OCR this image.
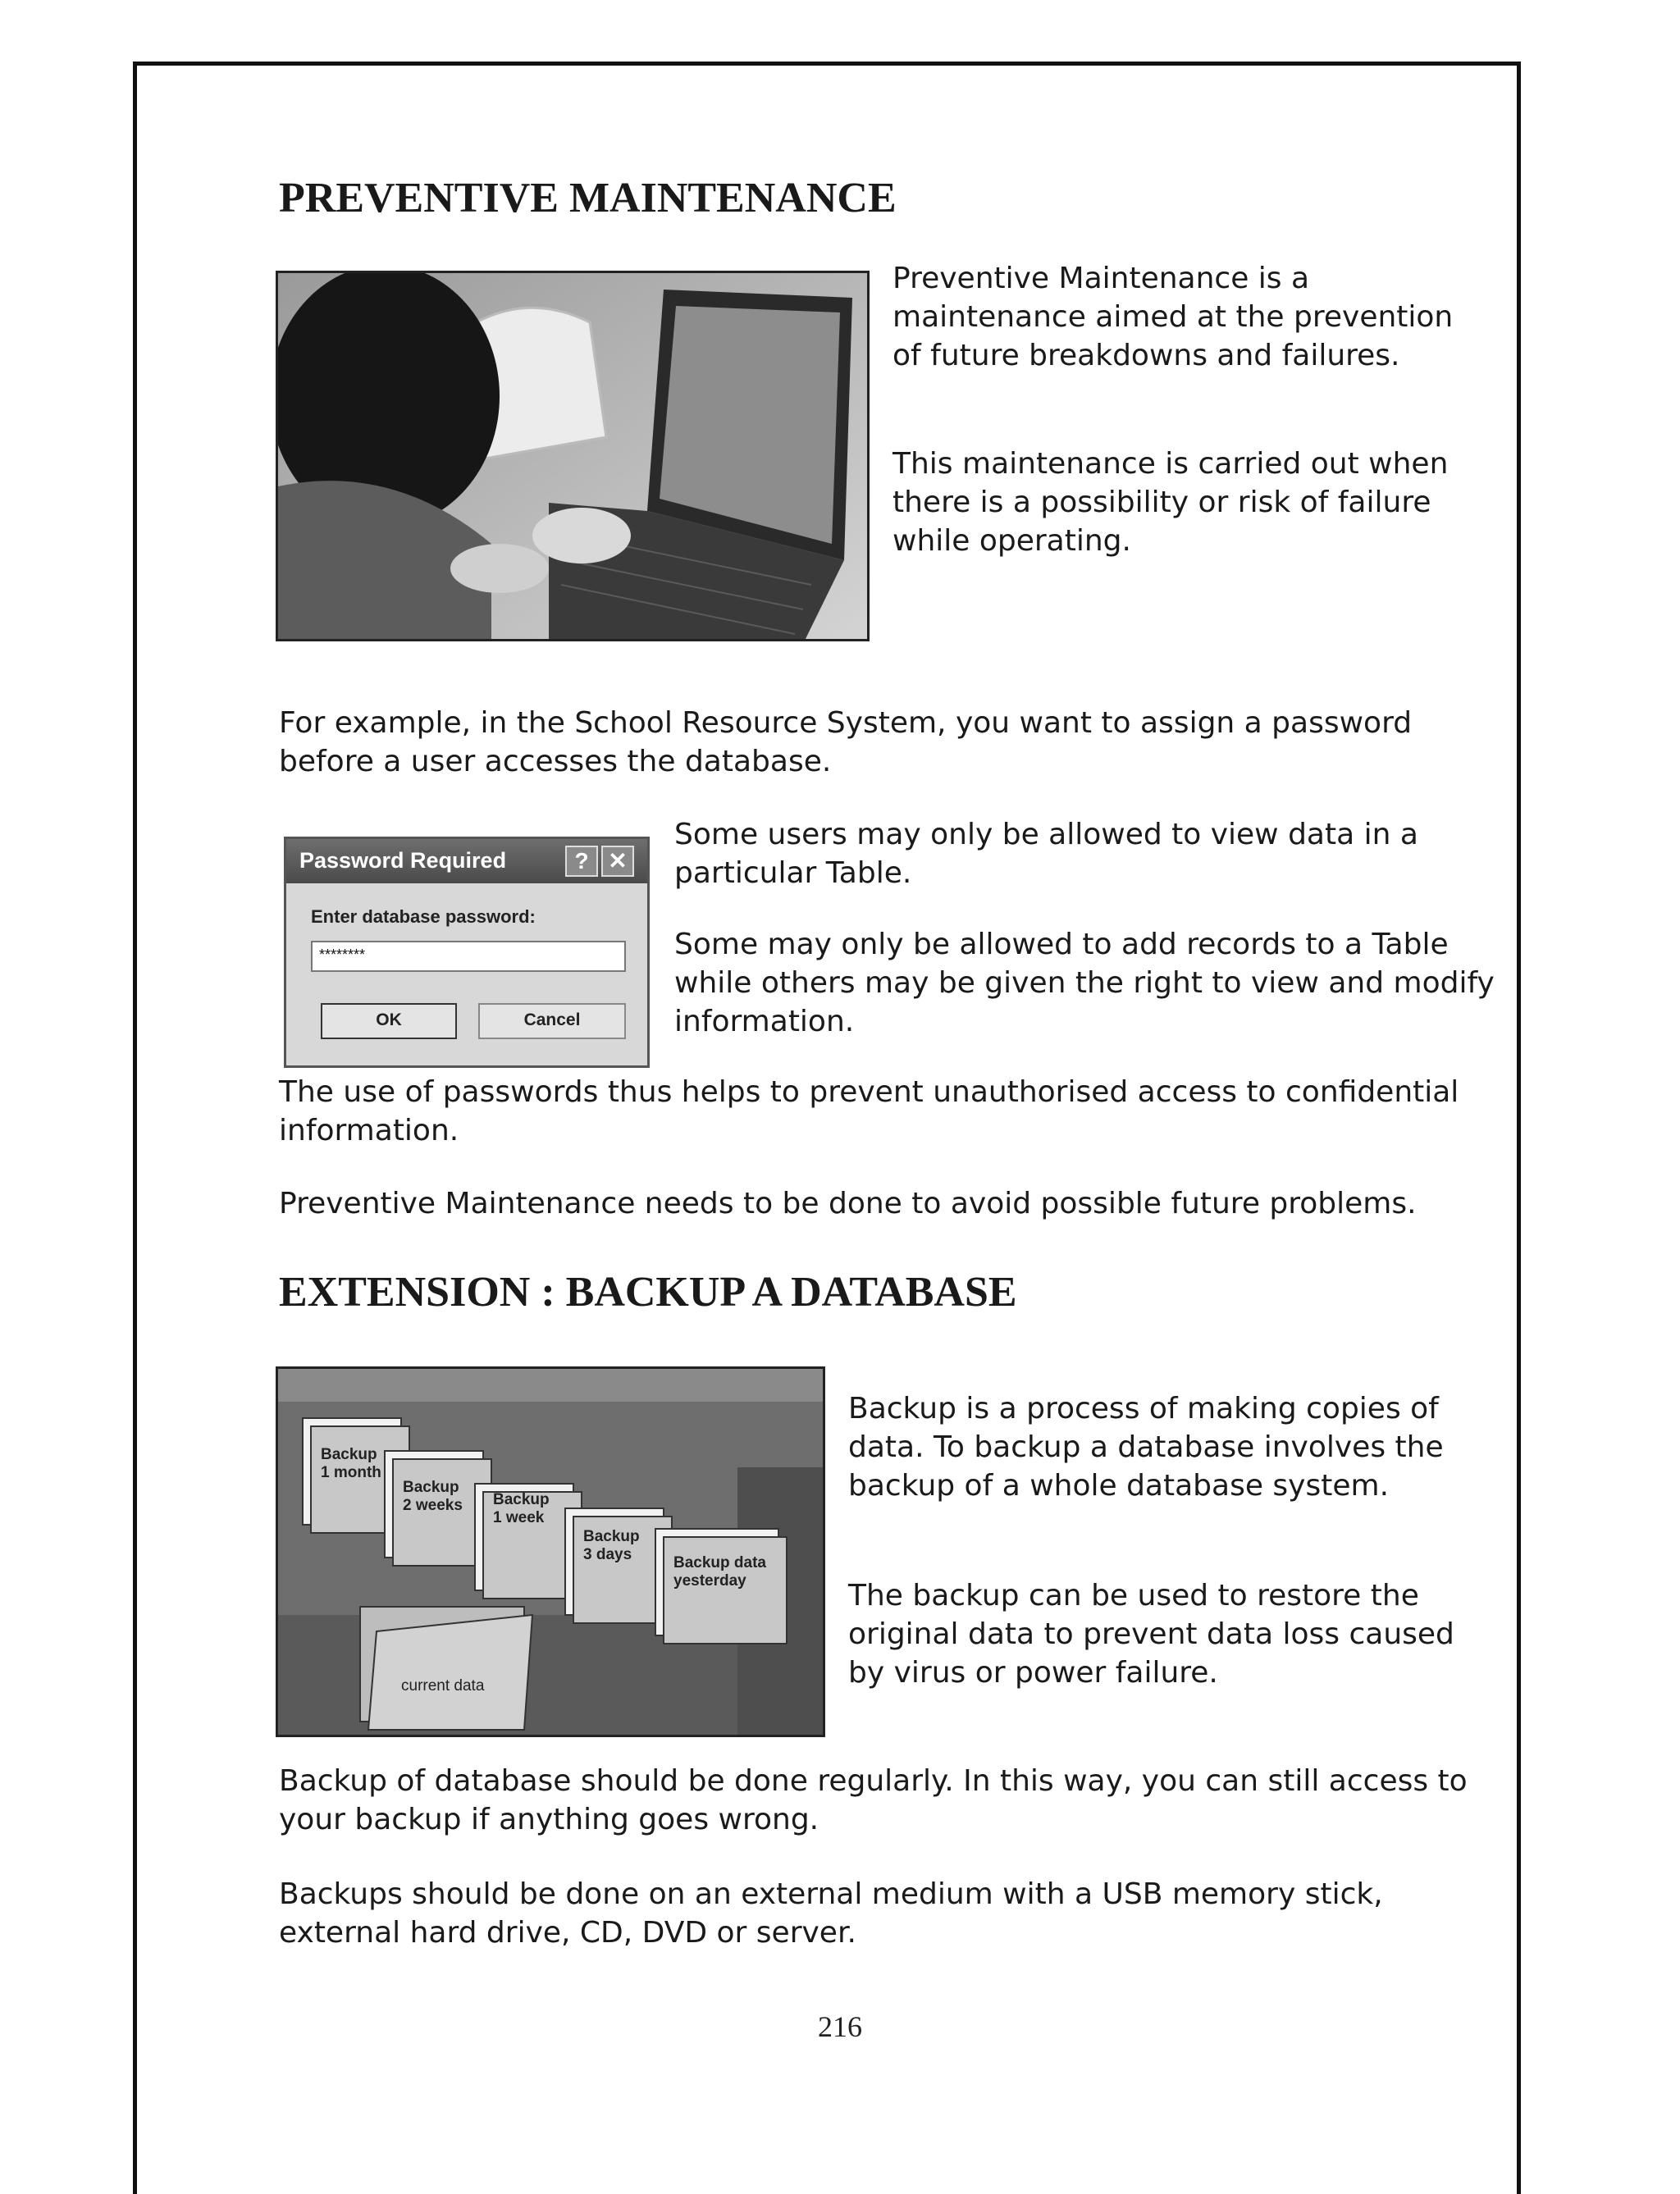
PREVENTIVE MAINTENANCE

Preventive Maintenance is a maintenance aimed at the prevention of future breakdowns and failures.

This maintenance is carried out when there is a possibility or risk of failure while operating.

For example, in the School Resource System, you want to assign a password before a user accesses the database.

Password Required	? ✕
Enter database password:
********
OK	Cancel

Some users may only be allowed to view data in a particular Table.

Some may only be allowed to add records to a Table while others may be given the right to view and modify information.

The use of passwords thus helps to prevent unauthorised access to confidential information.

Preventive Maintenance needs to be done to avoid possible future problems.

EXTENSION : BACKUP A DATABASE
Backup
1 month
Backup
2 weeks Backup
1 week
Backup
3 days	Backup data
yesterday
current data

Backup is a process of making copies of data. To backup a database involves the backup of a whole database system.

The backup can be used to restore the original data to prevent data loss caused by virus or power failure.

Backup of database should be done regularly. In this way, you can still access to your backup if anything goes wrong.

Backups should be done on an external medium with a USB memory stick, external hard drive, CD, DVD or server.

216
